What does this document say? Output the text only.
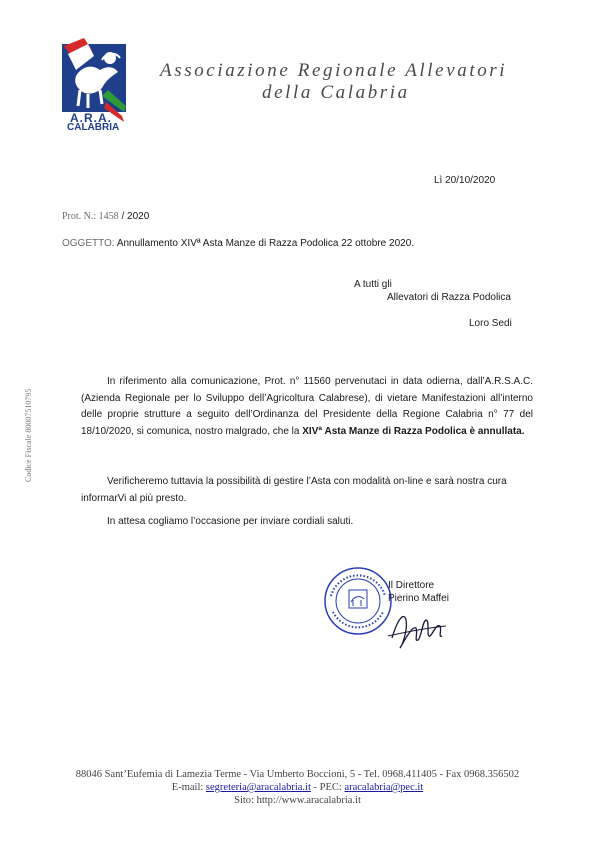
A.R.A.
CALABRIA
Associazione Regionale Allevatori
della Calabria
Codice Fiscale 80007510795
Lì 20/10/2020
Prot. N.: 1458 / 2020
OGGETTO: Annullamento XIVª Asta Manze di Razza Podolica 22 ottobre 2020.
A tutti gli
Allevatori di Razza Podolica
Loro Sedi
In riferimento alla comunicazione, Prot. n° 11560 pervenutaci in data odierna, dall’A.R.S.A.C. (Azienda Regionale per lo Sviluppo dell’Agricoltura Calabrese), di vietare Manifestazioni all’interno delle proprie strutture a seguito dell’Ordinanza del Presidente della Regione Calabria n° 77 del 18/10/2020, si comunica, nostro malgrado, che la XIVª Asta Manze di Razza Podolica è annullata.
Verificheremo tuttavia la possibilità di gestire l’Asta con modalità on-line e sarà nostra cura informarVi al più presto.
In attesa cogliamo l’occasione per inviare cordiali saluti.
Il Direttore
Pierino Maffei
88046 Sant’Eufemia di Lamezia Terme - Via Umberto Boccioni, 5 - Tel. 0968.411405 - Fax 0968.356502
E-mail: segreteria@aracalabria.it - PEC: aracalabria@pec.it
Sito: http://www.aracalabria.it
